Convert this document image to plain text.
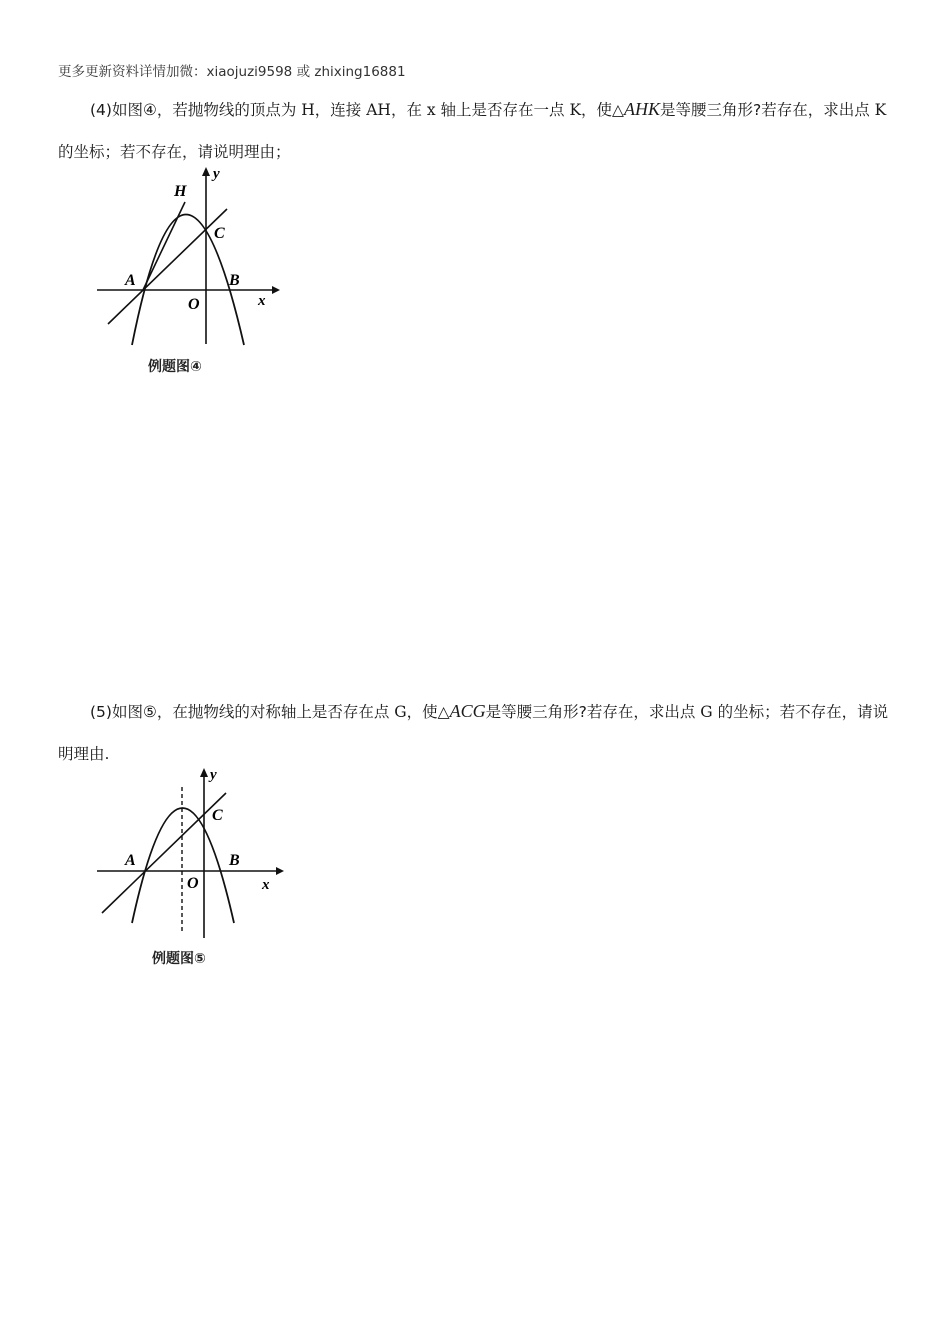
更多更新资料详情加微：xiaojuzi9598 或 zhixing16881
(4)如图④，若抛物线的顶点为 H，连接 AH，在 x 轴上是否存在一点 K，使△AHK是等腰三角形?若存在，求出点 K 的坐标；若不存在，请说明理由；
H
C
A	B
O	x
y
例题图④
(5)如图⑤，在抛物线的对称轴上是否存在点 G，使△ACG是等腰三角形?若存在，求出点 G 的坐标；若不存在，请说明理由.
C
A	B
O	x
y
例题图⑤
